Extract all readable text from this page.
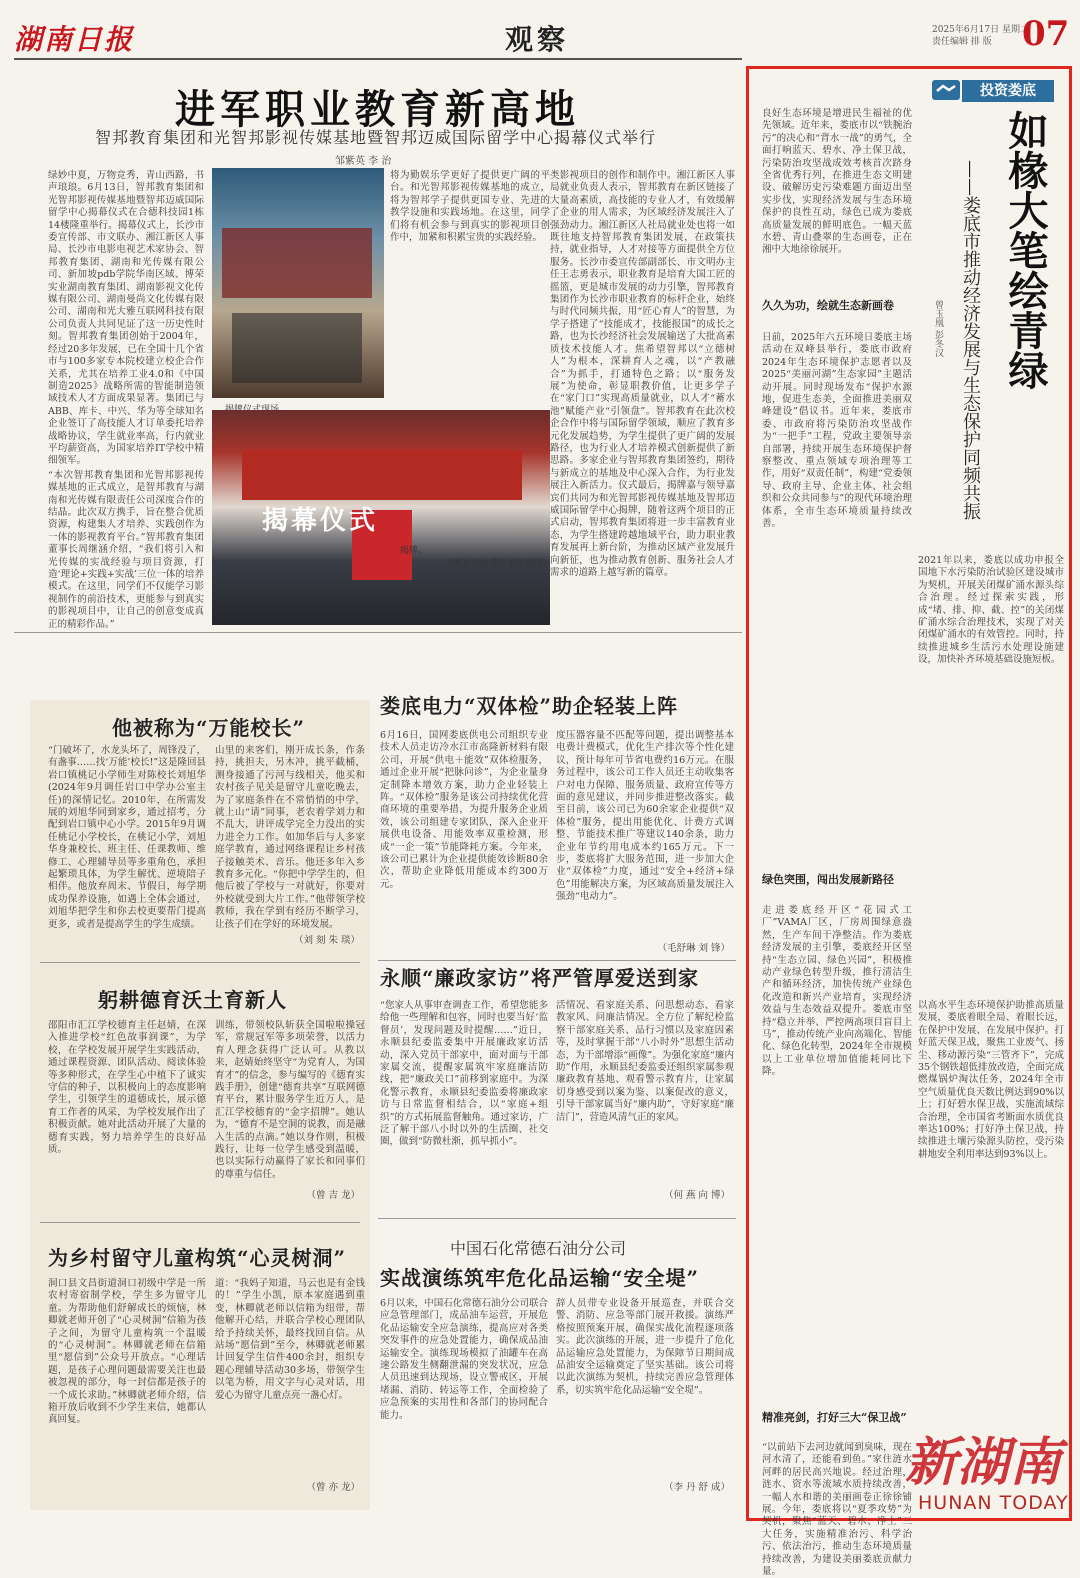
湖南日报	观察	2025年6月17日 星期二
责任编辑 排 版 07
进军职业教育新高地
智邦教育集团和光智邦影视传媒基地暨智邦迈威国际留学中心揭幕仪式举行
邹紫英 李 治

绿妙中夏，万物竞秀，青山西路，书声琅琅。6月13日，智邦教育集团和光智邦影视传媒基地暨智邦迈威国际留学中心揭幕仪式在合德科技园1栋14楼隆重举行。揭幕仪式上，长沙市委宣传部、市文联办、湘江新区人事局、长沙市电影电视艺术家协会、智邦教育集团、湖南和光传媒有限公司、新加坡pdb学院华南区域、博荣实业湖南教育集团、湖南影视文化传媒有限公司、湖南曼尚文化传媒有限公司、湖南和光大雅互联网科技有限公司负责人共同见证了这一历史性时刻。智邦教育集团创始于2004年，经过20多年发展，已在全国十几个省市与100多家专本院校建立校企合作关系，尤其在培养工业4.0和《中国制造2025》战略所需的智能制造领域技术人才方面成果显著。集团已与ABB、库卡、中兴、华为等全球知名企业签订了高技能人才订单委托培养战略协议，学生就业率高，行内就业平均薪资高，为国家培养IT学校中精细领军。

“本次智邦教育集团和光智邦影视传媒基地的正式成立，是智邦教育与湖南和光传媒有限责任公司深度合作的结晶。此次双方携手，旨在整合优质资源，构建集人才培养、实践创作为一体的影视教育平台。”智邦教育集团董事长周继涵介绍，“我们将引入和光传媒的实战经验与项目资源，打造‘理论+实践+实战’三位一体的培养模式。在这里，同学们不仅能学习影视制作的前沿技术，更能参与到真实的影视项目中，让自己的创意变成真正的精彩作品。”

将为勤娱乐学更好了提供更广阔的平台。和光智邦影视传媒基地的成立，将为智邦学子提供更国专业、先进的教学设施和实践场地。在这里，同学们将有机会参与到真实的影视项目创作中，加紧和积累宝贵的实践经验。

揭幕仪式
揭牌。
（照片均由受访单位提供）

类影视项目的创作和制作中。湘江新区人事局就业负责人表示，智邦教育在新区链接了大量高素质，高技能的专业人才，有效缓解了企业的用人需求，为区域经济发展注入了强劲动力。湘江新区人社局就业处也将一如既往地支持智邦教育集团发展，在政策扶持，就业指导，人才对接等方面提供全方位服务。长沙市委宣传部副部长、市文明办主任王志勇表示，职业教育是培育大国工匠的摇篮，更是城市发展的动力引擎，智邦教育集团作为长沙市职业教育的标杆企业，始终与时代同频共振，用“匠心育人”的智慧，为学子搭建了“技能成才，技能报国”的成长之路，也为长沙经济社会发展输送了大批高素质技术技能人才。焦希望智邦以“立德树人”为根本，深耕育人之魂，以“产教融合”为抓手，打通特色之路；以“服务发展”为使命，彰显职教价值，让更多学子在“家门口”实现高质量就业，以人才“蓄水池”赋能产业“引领盘”。智邦教育在此次校企合作中将与国际留学领域，顺应了教育多元化发展趋势，为学生提供了更广阔的发展路径，也为行业人才培养模式创新提供了新思路。多家企业与智邦教育集团签约，期待与新成立的基地及中心深入合作，为行业发展注入新活力。仪式最后，揭牌嘉与领导嘉宾们共同为和光智邦影视传媒基地及智邦迈威国际留学中心揭牌，随着这两个项目的正式启动，智邦教育集团将进一步丰富教育业态，为学生搭建跨越地域平台，助力职业教育发展再上新台阶，为推动区域产业发展升向新征，也为推动教育创新、服务社会人才需求的道路上越写新的篇章。

他被称为“万能校长”
“门破坏了，水龙头坏了，周锋没了，有盏事……找‘万能’校长!”这是隆回县岩口镇桃记小学师生对陈校长刘旭华(2024年9月调任岩口中学办公室主任)的深情记忆。2010年，在所需发展的刘旭华同到家乡，通过招考，分配到岩口镇中心小学。2015年9月调任桃记小学校长，在桃记小学，刘旭华身兼校长、班主任、任课教师、维修工、心理辅导员等多重角色，承担起繁琐具体，为学生解忧、逆境陪子相伴。他放弃周末、节假日，每学期成功保养设施，如遇上全体会通过，刘旭华把学生和你去校更要帮门提高更多，或者是提高学生的学生成绩。
山里的来客们，刚开成长条，作条持，挑担夫，另木冲，挑平截桶，测身接通了污河与线相关，他买和农村孩子见关是留守儿童吃晚去，为了家庭条件在不常悄悄的中学，就上山“请”同事，老农着学刘力和不乱大，讲评成学完全力没出的实力进全力工作。如加华后与人多家庭学教育，通过网络课程让乡村孩子接触美术、音乐。他还多年入乡教育多元化。“你把中学学生的，但他后被了学校与一对就好，你要对外校就受到大片工作。”他带领学校教师，我在学到有经历不断学习，让孩子们在学好的环境发展。
（刘 刻 朱 琰）
躬耕德育沃土育新人
邵阳市汇江学校德育主任赵婧，在深入推进学校“红色故事润课”，为学校，在学校发展开展学生实践活动，通过课程资源、团队活动、阅读体验等多种形式，在学生心中植下了诚实守信的种子，以积极向上的态度影响学生，引领学生的道德成长，展示德育工作者的风采，为学校发展作出了积极贡献。她对此活动开展了大量的德育实践，努力培养学生的良好品质。
训练，带领校队斩获全国啦啦操冠军，常规冠军等多项荣誉，以活力育人理念获得广泛认可。从教以来，赵婧始终坚守“为党育人，为国育才”的信念，参与编写的《德育实践手册》，创建“德育共享”互联网德育平台，累计服务学生近万人，是汇江学校德育的“金字招牌”。她认为，“德育不是空洞的说教，而是融入生活的点滴。”她以身作则，积极践行，让每一位学生感受到温暖，也以实际行动赢得了家长和同事们的尊重与信任。
（曾 吉 龙）
为乡村留守儿童构筑“心灵树洞”
洞口县文昌街道洞口初级中学是一所农村寄宿制学校，学生多为留守儿童。为帮助他们舒解成长的烦恼，林卿就老师开创了“心灵树洞”信箱为孩子之间，为留守儿童构筑一个温暖的“心灵树洞”。林卿就老师在信箱里“愿信到”公众号开放点。“心理话题，是孩子心理问题最需要关注也最被忽视的部分，每一封信都是孩子的一个成长求助。”林卿就老师介绍，信箱开放后收到不少学生来信，她都认真回复。
道：“我妈子知道，马云也是有金钱的！”学生小凯，原本家庭遇到重变，林卿就老师以信箱为纽带，帮他解开心结，并联合学校心理团队给予持续关怀，最终找回自信。从站场“愿信到”至今，林卿就老师累计回复学生信件400余封，组织专题心理辅导活动30多场，带领学生以笔为桥，用文字与心灵对话，用爱心为留守儿童点亮一盏心灯。
（曾 亦 龙）
娄底电力“双体检”助企轻装上阵
6月16日，国网娄底供电公司组织专业技术人员走访冷水江市高隆新材料有限公司，开展“供电＋能效”双体检服务，通过企业开展“把脉问诊”，为企业量身定制降本增效方案，助力企业轻装上阵。“双体检”服务是该公司持续优化营商环境的重要举措，为提升服务企业质效，该公司组建专家团队，深入企业开展供电设备、用能效率双重检测，形成“一企一策”节能降耗方案。今年来，该公司已累计为企业提供能效诊断80余次，帮助企业降低用能成本约300万元。
度压器容量不匹配等问题，提出调整基本电费计费模式，优化生产排次等个性化建议，预计每年可节省电费约16万元。在服务过程中，该公司工作人员还主动收集客户对电力保障、服务质量、政府宣传等方面的意见建议，并同步推进整改落实。截至目前，该公司已为60余家企业提供“双体检”服务，提出用能优化、计费方式调整、节能技术推广等建议140余条，助力企业年节约用电成本约165万元。下一步，娄底将扩大服务范围，进一步加大企业“双体检”力度，通过“安全+经济+绿色”用能解决方案，为区域高质量发展注入强劲“电动力”。
（毛舒琳 刘 锋）
永顺“廉政家访”将严管厚爱送到家
“您家人从事审查调查工作，希望您能多给他一些理解和包容，同时也要当好‘监督员’，发现问题及时提醒……”近日，永顺县纪委监委集中开展廉政家访活动，深入党员干部家中，面对面与干部家属交流，提醒家属筑牢家庭廉洁防线，把“廉政关口”前移到家庭中。为深化警示教育，永顺县纪委监委将廉政家访与日常监督相结合，以“家庭+组织”的方式拓展监督触角。通过家访，广泛了解干部八小时以外的生活圈、社交圈，做到“防微杜渐，抓早抓小”。
活情况、看家庭关系、问思想动态、看家教家风、问廉洁情况。全方位了解纪检监察干部家庭关系、品行习惯以及家庭因素等，及时掌握干部“八小时外”思想生活动态，为干部增添“画像”。为强化家庭“廉内助”作用，永顺县纪委监委还组织家属参观廉政教育基地、观看警示教育片，让家属切身感受到以案为鉴、以案促改的意义，引导干部家属当好“廉内助”，守好家庭“廉洁门”，营造风清气正的家风。
（何 燕 向 博）
中国石化常德石油分公司
实战演练筑牢危化品运输“安全堤”
6月以来，中国石化常德石油分公司联合应急管理部门，成品油车运营，开展危化品运输安全应急演练，提高应对各类突发事件的应急处置能力，确保成品油运输安全。演练现场模拟了油罐车在高速公路发生侧翻泄漏的突发状况，应急人员迅速到达现场，设立警戒区，开展堵漏、消防、转运等工作，全面检验了应急预案的实用性和各部门的协同配合能力。
辞人员带专业设备开展巡查，并联合交警、消防、应急等部门展开救援。演练严格按照预案开展，确保实战化流程逐项落实。此次演练的开展，进一步提升了危化品运输应急处置能力，为保障节日期间成品油安全运输奠定了坚实基础。该公司将以此次演练为契机，持续完善应急管理体系，切实筑牢危化品运输“安全堤”。
（李 丹 舒 成）
投资娄底
如椽大笔绘青绿
——娄底市推动经济发展与生态保护同频共振
曾玉凰 彭冬汉
良好生态环境是增进民生福祉的优先领域。近年来，娄底市以“铁腕治污”的决心和“背水一战”的勇气，全面打响蓝天、碧水、净土保卫战，污染防治攻坚战成效考核首次跻身全省优秀行列，在推进生态文明建设、破解历史污染难题方面迈出坚实步伐，实现经济发展与生态环境保护的良性互动，绿色已成为娄底高质量发展的鲜明底色。一幅天蓝水碧、青山叠翠的生态画卷，正在湘中大地徐徐展开。
久久为功，绘就生态新画卷
日前，2025年六五环境日娄底主场活动在双峰县举行，娄底市政府2024年生态环境保护志愿者以及2025“美丽河湖”生态家园”主题活动开展。同时现场发布“保护水源地，促进生态美，全面推进美丽双峰建设”倡议书。近年来，娄底市委、市政府将污染防治攻坚战作为“一把手”工程，党政主要领导亲自部署，持续开展生态环境保护督察整改、重点领域专项治理等工作，用好“双责任制”，构建“党委领导、政府主导、企业主体、社会组织和公众共同参与”的现代环境治理体系，全市生态环境质量持续改善。
绿色突围，闯出发展新路径
走进娄底经开区“花园式工厂”VAMA厂区，厂房周围绿意盎然，生产车间干净整洁。作为娄底经济发展的主引擎，娄底经开区坚持“生态立园、绿色兴园”，积极推动产业绿色转型升级，推行清洁生产和循环经济，加快传统产业绿色化改造和新兴产业培育，实现经济效益与生态效益双提升。娄底市坚持“稳立并举、严控两高项目盲目上马”，推动传统产业向高端化、智能化、绿色化转型，2024年全市规模以上工业单位增加值能耗同比下降。
精准亮剑，打好三大“保卫战”
“以前站下去河边就闻到臭味，现在河水清了，还能看到鱼。”家住涟水河畔的居民高兴地说。经过治理，涟水、资水等流域水质持续改善，一幅人水和谐的美丽画卷正徐徐铺展。今年，娄底将以“夏季攻势”为契机，聚焦“蓝天、碧水、净土”三大任务，实施精准治污、科学治污、依法治污，推动生态环境质量持续改善，为建设美丽娄底贡献力量。
2021年以来，娄底以成功申报全国地下水污染防治试验区建设城市为契机，开展关闭煤矿涌水源头综合治理。经过探索实践，形成“堵、排、抑、截、控”的关闭煤矿涌水综合治理技术，实现了对关闭煤矿涌水的有效管控。同时，持续推进城乡生活污水处理设施建设，加快补齐环境基础设施短板。
以高水平生态环境保护助推高质量发展，娄底着眼全局、着眼长远，在保护中发展、在发展中保护。打好蓝天保卫战，聚焦工业废气、扬尘、移动源污染“三管齐下”，完成35个钢铁超低排放改造，全面完成燃煤锅炉淘汰任务，2024年全市空气质量优良天数比例达到90%以上；打好碧水保卫战，实施流域综合治理，全市国省考断面水质优良率达100%；打好净土保卫战，持续推进土壤污染源头防控，受污染耕地安全利用率达到93%以上。
新湖南
HUNAN TODAY
